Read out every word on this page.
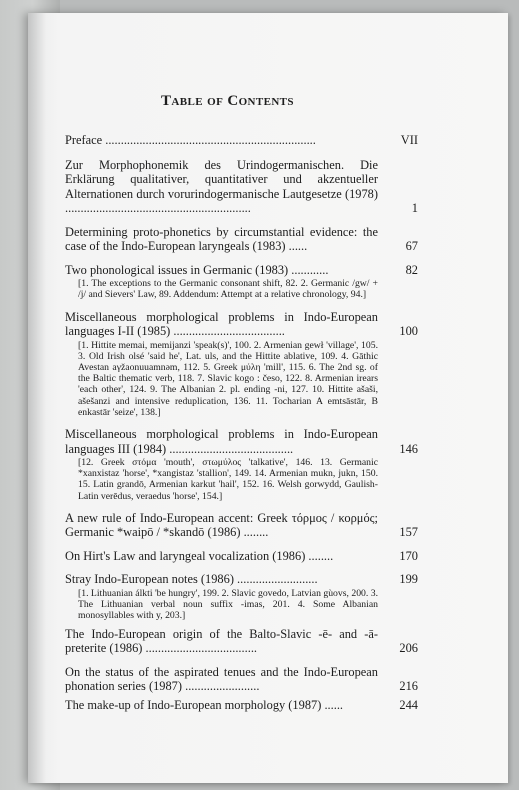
Table of Contents
VII
Preface ....................................................................
1
Zur Morphophonemik des Urindogermanischen. Die Erklärung qualitativer, quantitativer und akzentueller Alternationen durch vorurindogermanische Lautgesetze (1978) ............................................................
67
Determining proto-phonetics by circumstantial evidence: the case of the Indo-European laryngeals (1983) ......
82
Two phonological issues in Germanic (1983) ............
[1. The exceptions to the Germanic consonant shift, 82. 2. Germanic /gw/ + /j/ and Sievers' Law, 89. Addendum: Attempt at a relative chronology, 94.]
100
Miscellaneous morphological problems in Indo-European languages I-II (1985) ....................................
[1. Hittite memai, memijanzi 'speak(s)', 100. 2. Armenian gewł 'village', 105. 3. Old Irish olsé 'said he', Lat. uls, and the Hittite ablative, 109. 4. Gāthic Avestan aγžaonuuamnəm, 112. 5. Greek μύλη 'mill', 115. 6. The 2nd sg. of the Baltic thematic verb, 118. 7. Slavic kogo : česo, 122. 8. Armenian irears 'each other', 124. 9. The Albanian 2. pl. ending -ni, 127. 10. Hittite ašaši, ašešanzi and intensive reduplication, 136. 11. Tocharian A emtsāstār, B enkastār 'seize', 138.]
146
Miscellaneous morphological problems in Indo-European languages III (1984) ........................................
[12. Greek στόμα 'mouth', στωμύλος 'talkative', 146. 13. Germanic *xanxistaz 'horse', *xangistaz 'stallion', 149. 14. Armenian mukn, jukn, 150. 15. Latin grandō, Armenian karkut 'hail', 152. 16. Welsh gorwydd, Gaulish-Latin verēdus, veraedus 'horse', 154.]
157
A new rule of Indo-European accent: Greek τόρμος / κορμός; Germanic *waipō / *skandō (1986) ........
170
On Hirt's Law and laryngeal vocalization (1986) ........
199
Stray Indo-European notes (1986) ..........................
[1. Lithuanian álkti 'be hungry', 199. 2. Slavic govedo, Latvian gùovs, 200. 3. The Lithuanian verbal noun suffix -imas, 201. 4. Some Albanian monosyllables with y, 203.]
206
The Indo-European origin of the Balto-Slavic -ē- and -ā- preterite (1986) ....................................
216
On the status of the aspirated tenues and the Indo-European phonation series (1987) ........................
244
The make-up of Indo-European morphology (1987) ......
